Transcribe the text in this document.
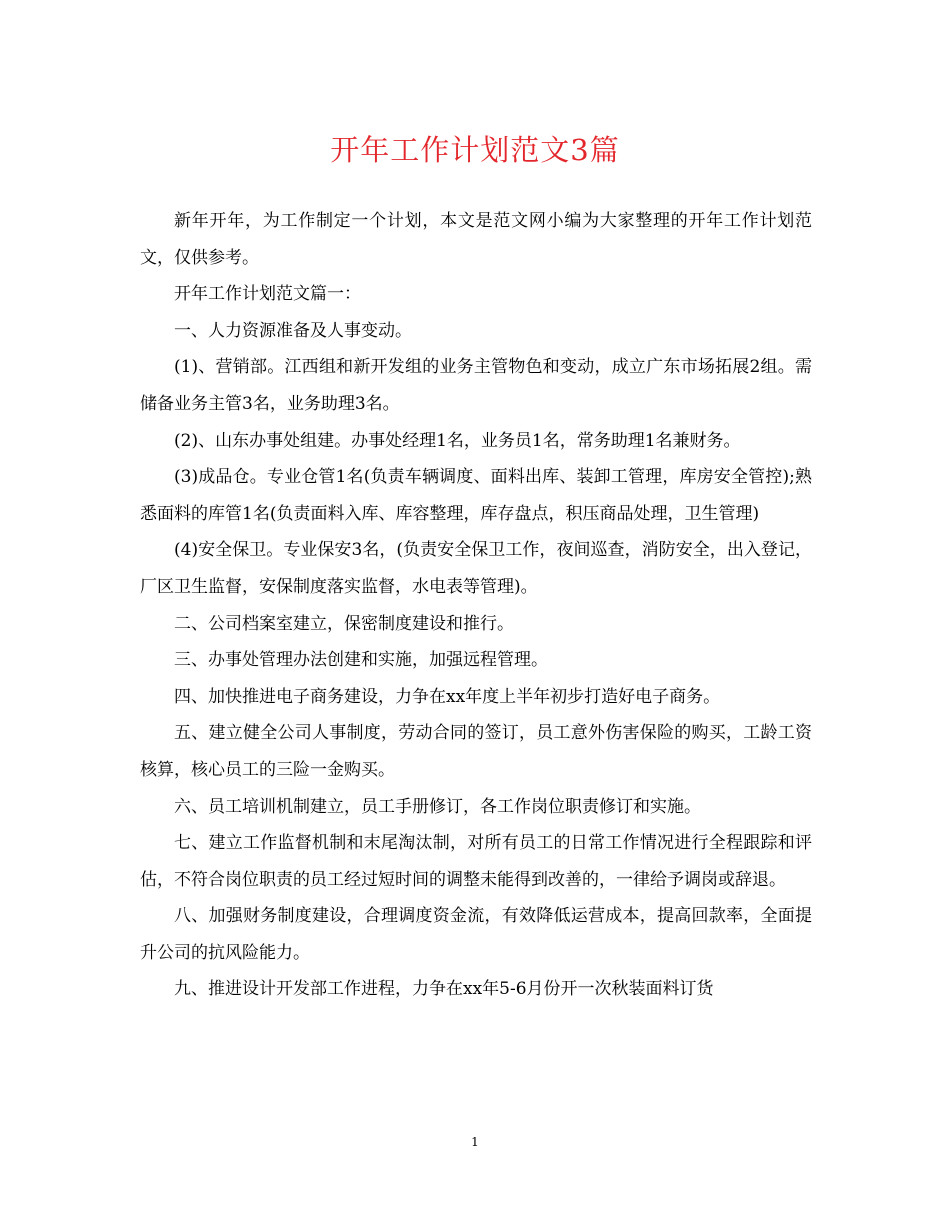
开年工作计划范文3篇

新年开年，为工作制定一个计划，本文是范文网小编为大家整理的开年工作计划范文，仅供参考。

开年工作计划范文篇一：

一、人力资源准备及人事变动。

(1)、营销部。江西组和新开发组的业务主管物色和变动，成立广东市场拓展2组。需储备业务主管3名，业务助理3名。

(2)、山东办事处组建。办事处经理1名，业务员1名，常务助理1名兼财务。

(3)成品仓。专业仓管1名(负责车辆调度、面料出库、装卸工管理，库房安全管控);熟悉面料的库管1名(负责面料入库、库容整理，库存盘点，积压商品处理，卫生管理)

(4)安全保卫。专业保安3名，(负责安全保卫工作，夜间巡查，消防安全，出入登记，厂区卫生监督，安保制度落实监督，水电表等管理)。

二、公司档案室建立，保密制度建设和推行。

三、办事处管理办法创建和实施，加强远程管理。

四、加快推进电子商务建设，力争在xx年度上半年初步打造好电子商务。

五、建立健全公司人事制度，劳动合同的签订，员工意外伤害保险的购买，工龄工资核算，核心员工的三险一金购买。

六、员工培训机制建立，员工手册修订，各工作岗位职责修订和实施。

七、建立工作监督机制和末尾淘汰制，对所有员工的日常工作情况进行全程跟踪和评估，不符合岗位职责的员工经过短时间的调整未能得到改善的，一律给予调岗或辞退。

八、加强财务制度建设，合理调度资金流，有效降低运营成本，提高回款率，全面提升公司的抗风险能力。

九、推进设计开发部工作进程，力争在xx年5-6月份开一次秋装面料订货

1
